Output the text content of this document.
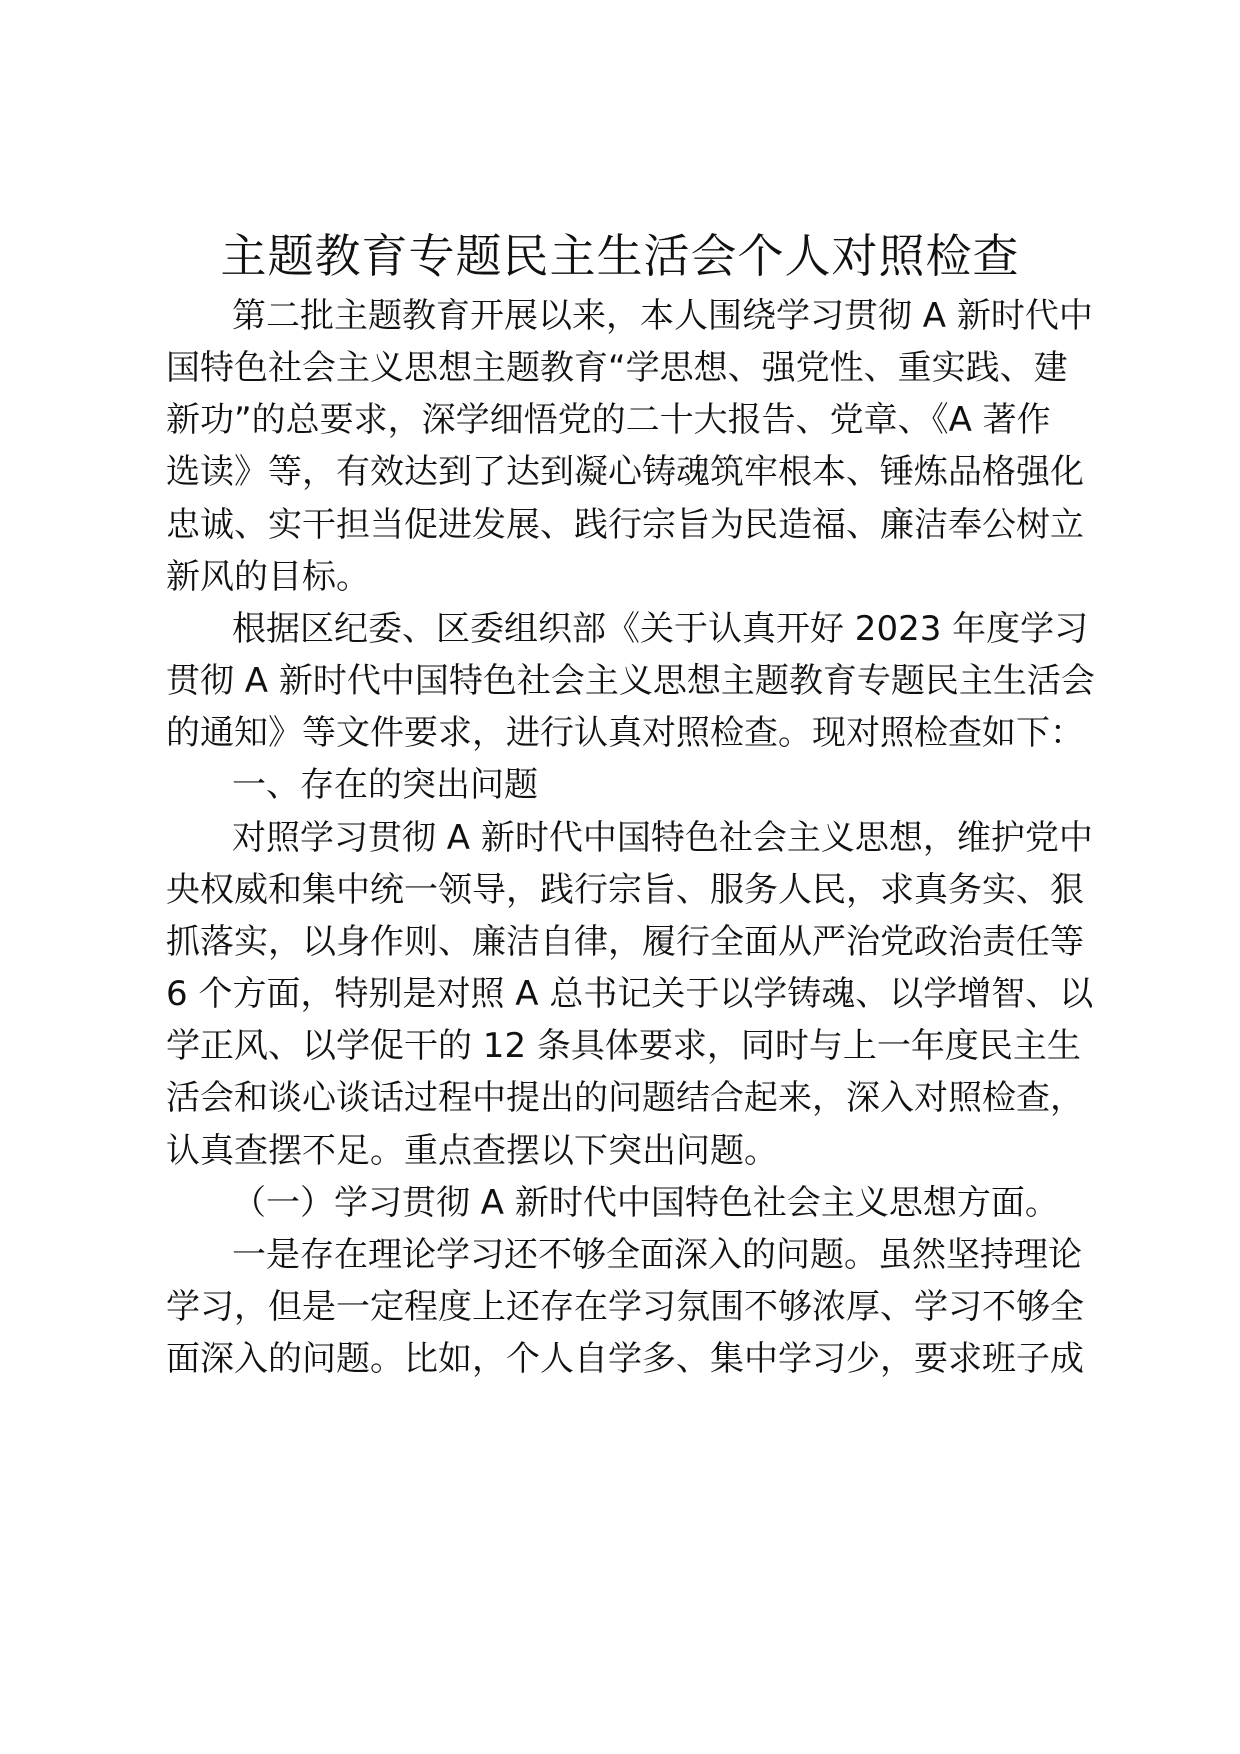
主题教育专题民主生活会个人对照检查
第二批主题教育开展以来，本人围绕学习贯彻 A 新时代中
国特色社会主义思想主题教育“学思想、强党性、重实践、建
新功”的总要求，深学细悟党的二十大报告、党章、《A 著作
选读》等，有效达到了达到凝心铸魂筑牢根本、锤炼品格强化
忠诚、实干担当促进发展、践行宗旨为民造福、廉洁奉公树立
新风的目标。
根据区纪委、区委组织部《关于认真开好 2023 年度学习
贯彻 A 新时代中国特色社会主义思想主题教育专题民主生活会
的通知》等文件要求，进行认真对照检查。现对照检查如下：
一、存在的突出问题
对照学习贯彻 A 新时代中国特色社会主义思想，维护党中
央权威和集中统一领导，践行宗旨、服务人民，求真务实、狠
抓落实，以身作则、廉洁自律，履行全面从严治党政治责任等
6 个方面，特别是对照 A 总书记关于以学铸魂、以学增智、以
学正风、以学促干的 12 条具体要求，同时与上一年度民主生
活会和谈心谈话过程中提出的问题结合起来，深入对照检查，
认真查摆不足。重点查摆以下突出问题。
（一）学习贯彻 A 新时代中国特色社会主义思想方面。
一是存在理论学习还不够全面深入的问题。虽然坚持理论
学习，但是一定程度上还存在学习氛围不够浓厚、学习不够全
面深入的问题。比如，个人自学多、集中学习少，要求班子成
